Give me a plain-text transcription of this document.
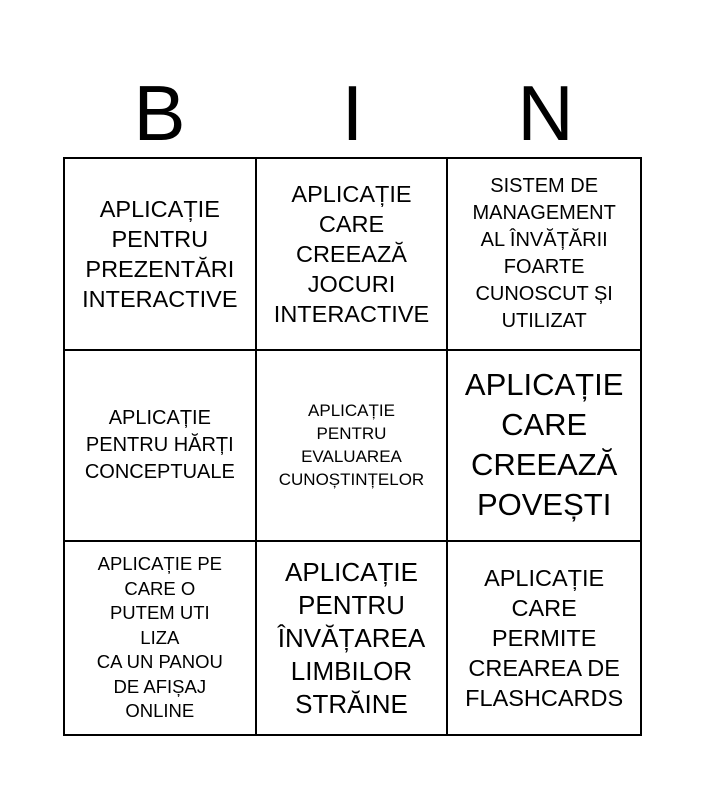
B	I	N
APLICAȚIE
PENTRU
PREZENTĂRI
INTERACTIVE
APLICAȚIE
CARE
CREEAZĂ
JOCURI
INTERACTIVE
SISTEM DE
MANAGEMENT
AL ÎNVĂȚĂRII
FOARTE
CUNOSCUT ȘI
UTILIZAT
APLICAȚIE
PENTRU HĂRȚI
CONCEPTUALE
APLICAȚIE
PENTRU
EVALUAREA
CUNOȘTINȚELOR
APLICAȚIE
CARE
CREEAZĂ
POVEȘTI
APLICAȚIE PE
CARE O
PUTEM UTI
LIZA
CA UN PANOU
DE AFIȘAJ
ONLINE
APLICAȚIE
PENTRU
ÎNVĂȚAREA
LIMBILOR
STRĂINE
APLICAȚIE
CARE
PERMITE
CREAREA DE
FLASHCARDS
